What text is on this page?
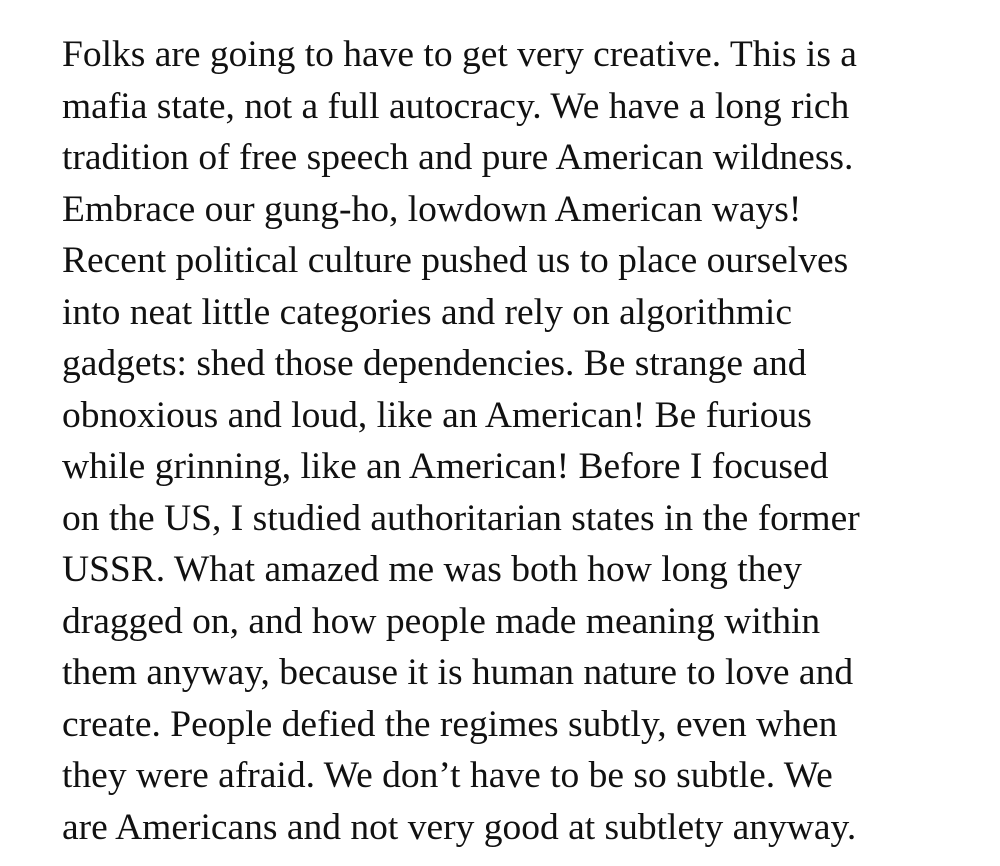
Folks are going to have to get very creative. This is a
mafia state, not a full autocracy. We have a long rich
tradition of free speech and pure American wildness.
Embrace our gung-ho, lowdown American ways!
Recent political culture pushed us to place ourselves
into neat little categories and rely on algorithmic
gadgets: shed those dependencies. Be strange and
obnoxious and loud, like an American! Be furious
while grinning, like an American! Before I focused
on the US, I studied authoritarian states in the former
USSR. What amazed me was both how long they
dragged on, and how people made meaning within
them anyway, because it is human nature to love and
create. People defied the regimes subtly, even when
they were afraid. We don’t have to be so subtle. We
are Americans and not very good at subtlety anyway.
